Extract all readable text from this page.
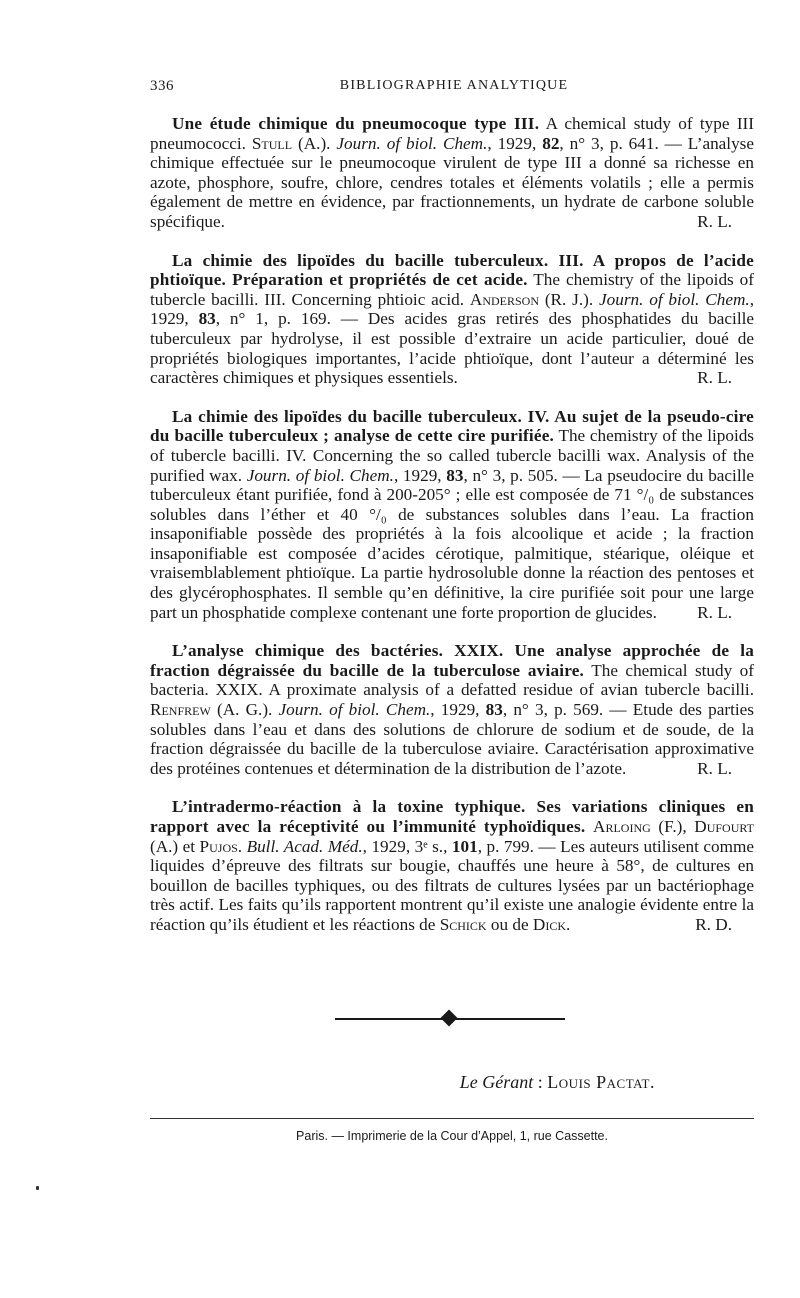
BIBLIOGRAPHIE ANALYTIQUE
336

Une étude chimique du pneumocoque type III. A chemical study of type III pneumococci. Stull (A.). Journ. of biol. Chem., 1929, 82, n° 3, p. 641. — L’analyse chimique effectuée sur le pneumocoque virulent de type III a donné sa richesse en azote, phosphore, soufre, chlore, cendres totales et éléments volatils ; elle a permis également de mettre en évidence, par fractionnements, un hydrate de carbone soluble spécifique.	R. L.

La chimie des lipoïdes du bacille tuberculeux. III. A propos de l’acide phtioïque. Préparation et propriétés de cet acide. The chemistry of the lipoids of tubercle bacilli. III. Concerning phtioic acid. Anderson (R. J.). Journ. of biol. Chem., 1929, 83, n° 1, p. 169. — Des acides gras retirés des phosphatides du bacille tuberculeux par hydrolyse, il est possible d’extraire un acide particulier, doué de propriétés biologiques importantes, l’acide phtioïque, dont l’auteur a déterminé les caractères chimiques et physiques essentiels.	R. L.

La chimie des lipoïdes du bacille tuberculeux. IV. Au sujet de la pseudo-cire du bacille tuberculeux ; analyse de cette cire purifiée. The chemistry of the lipoids of tubercle bacilli. IV. Concerning the so called tubercle bacilli wax. Analysis of the purified wax. Journ. of biol. Chem., 1929, 83, n° 3, p. 505. — La pseudocire du bacille tuberculeux étant purifiée, fond à 200-205° ; elle est composée de 71 °/₀ de substances solubles dans l’éther et 40 °/₀ de substances solubles dans l’eau. La fraction insaponifiable possède des propriétés à la fois alcoolique et acide ; la fraction insaponifiable est composée d’acides cérotique, palmitique, stéarique, oléique et vraisemblablement phtioïque. La partie hydrosoluble donne la réaction des pentoses et des glycérophosphates. Il semble qu’en définitive, la cire purifiée soit pour une large part un phosphatide complexe contenant une forte proportion de glucides.	R. L.

L’analyse chimique des bactéries. XXIX. Une analyse approchée de la fraction dégraissée du bacille de la tuberculose aviaire. The chemical study of bacteria. XXIX. A proximate analysis of a defatted residue of avian tubercle bacilli. Renfrew (A. G.). Journ. of biol. Chem., 1929, 83, n° 3, p. 569. — Etude des parties solubles dans l’eau et dans des solutions de chlorure de sodium et de soude, de la fraction dégraissée du bacille de la tuberculose aviaire. Caractérisation approximative des protéines contenues et détermination de la distribution de l’azote.	R. L.

L’intradermo-réaction à la toxine typhique. Ses variations cliniques en rapport avec la réceptivité ou l’immunité typhoïdiques. Arloing (F.), Dufourt (A.) et Pujos. Bull. Acad. Méd., 1929, 3ᵉ s., 101, p. 799. — Les auteurs utilisent comme liquides d’épreuve des filtrats sur bougie, chauffés une heure à 58°, de cultures en bouillon de bacilles typhiques, ou des filtrats de cultures lysées par un bactériophage très actif. Les faits qu’ils rapportent montrent qu’il existe une analogie évidente entre la réaction qu’ils étudient et les réactions de Schick ou de Dick.	R. D.

Le Gérant : Louis Pactat.
Paris. — Imprimerie de la Cour d’Appel, 1, rue Cassette.
